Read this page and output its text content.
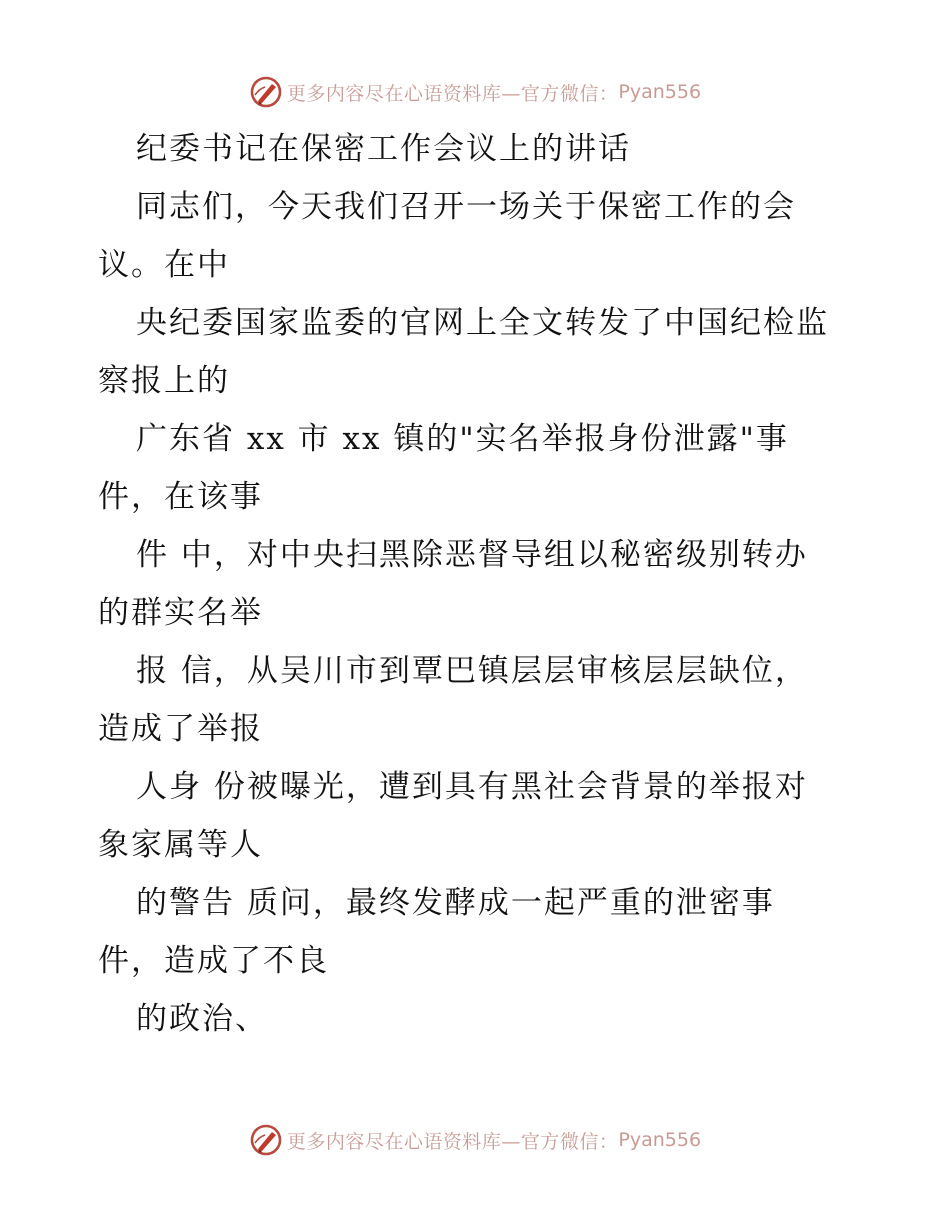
更多内容尽在心语资料库—官方微信： Pyan556
纪委书记在保密工作会议上的讲话
同志们，今天我们召开一场关于保密工作的会
议。在中
央纪委国家监委的官网上全文转发了中国纪检监
察报上的
广东省 xx 市 xx 镇的"实名举报身份泄露"事
件，在该事
件 中，对中央扫黑除恶督导组以秘密级别转办
的群实名举
报 信，从吴川市到覃巴镇层层审核层层缺位，
造成了举报
人身 份被曝光，遭到具有黑社会背景的举报对
象家属等人
的警告 质问，最终发酵成一起严重的泄密事
件，造成了不良
的政治、
更多内容尽在心语资料库—官方微信： Pyan556
